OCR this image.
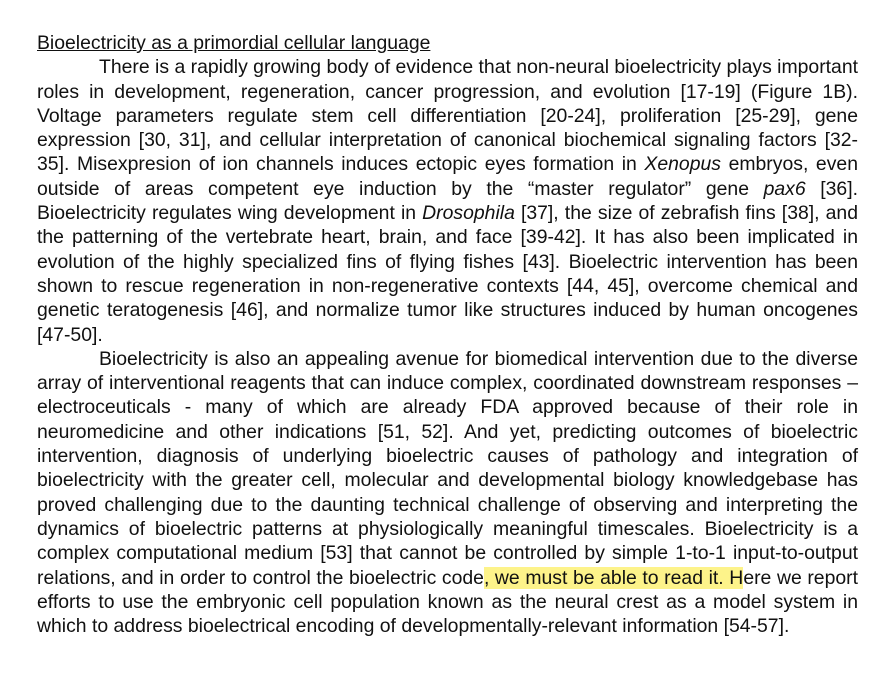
Bioelectricity as a primordial cellular language

There is a rapidly growing body of evidence that non-neural bioelectricity plays important roles in development, regeneration, cancer progression, and evolution [17-19] (Figure 1B). Voltage parameters regulate stem cell differentiation [20-24], proliferation [25-29], gene expression [30, 31], and cellular interpretation of canonical biochemical signaling factors [32-35]. Misexpresion of ion channels induces ectopic eyes formation in Xenopus embryos, even outside of areas competent eye induction by the “master regulator” gene pax6 [36]. Bioelectricity regulates wing development in Drosophila [37], the size of zebrafish fins [38], and the patterning of the vertebrate heart, brain, and face [39-42]. It has also been implicated in evolution of the highly specialized fins of flying fishes [43]. Bioelectric intervention has been shown to rescue regeneration in non-regenerative contexts [44, 45], overcome chemical and genetic teratogenesis [46], and normalize tumor like structures induced by human oncogenes [47-50].

Bioelectricity is also an appealing avenue for biomedical intervention due to the diverse array of interventional reagents that can induce complex, coordinated downstream responses – electroceuticals - many of which are already FDA approved because of their role in neuromedicine and other indications [51, 52]. And yet, predicting outcomes of bioelectric intervention, diagnosis of underlying bioelectric causes of pathology and integration of bioelectricity with the greater cell, molecular and developmental biology knowledgebase has proved challenging due to the daunting technical challenge of observing and interpreting the dynamics of bioelectric patterns at physiologically meaningful timescales. Bioelectricity is a complex computational medium [53] that cannot be controlled by simple 1-to-1 input-to-output relations, and in order to control the bioelectric code, we must be able to read it. Here we report efforts to use the embryonic cell population known as the neural crest as a model system in which to address bioelectrical encoding of developmentally-relevant information [54-57].
